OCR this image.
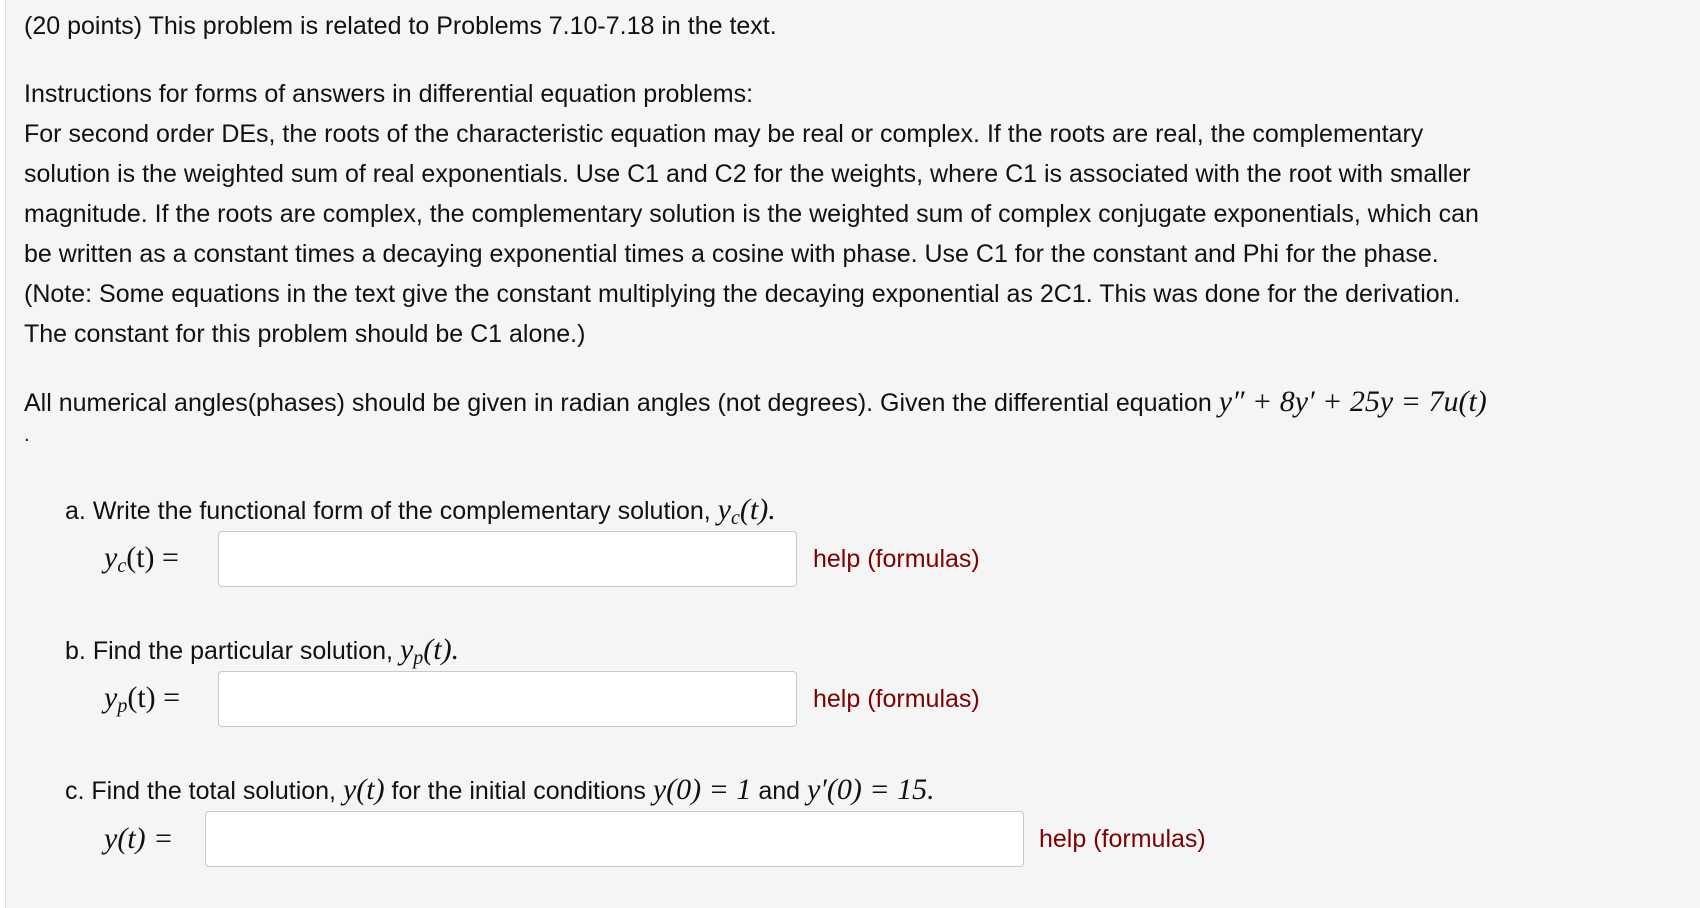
(20 points) This problem is related to Problems 7.10-7.18 in the text.

Instructions for forms of answers in differential equation problems:

For second order DEs, the roots of the characteristic equation may be real or complex. If the roots are real, the complementary

solution is the weighted sum of real exponentials. Use C1 and C2 for the weights, where C1 is associated with the root with smaller

magnitude. If the roots are complex, the complementary solution is the weighted sum of complex conjugate exponentials, which can

be written as a constant times a decaying exponential times a cosine with phase. Use C1 for the constant and Phi for the phase.

(Note: Some equations in the text give the constant multiplying the decaying exponential as 2C1. This was done for the derivation.

The constant for this problem should be C1 alone.)

All numerical angles(phases) should be given in radian angles (not degrees). Given the differential equation y″ + 8y′ + 25y = 7u(t)

.
a. Write the functional form of the complementary solution, $y_c(t)$.
$y_c(t)$ =	help (formulas)
b. Find the particular solution, $y_p(t)$.
$y_p(t)$ =	help (formulas)
c. Find the total solution, y(t) for the initial conditions y(0) = 1 and y′(0) = 15.
y(t) =	help (formulas)
